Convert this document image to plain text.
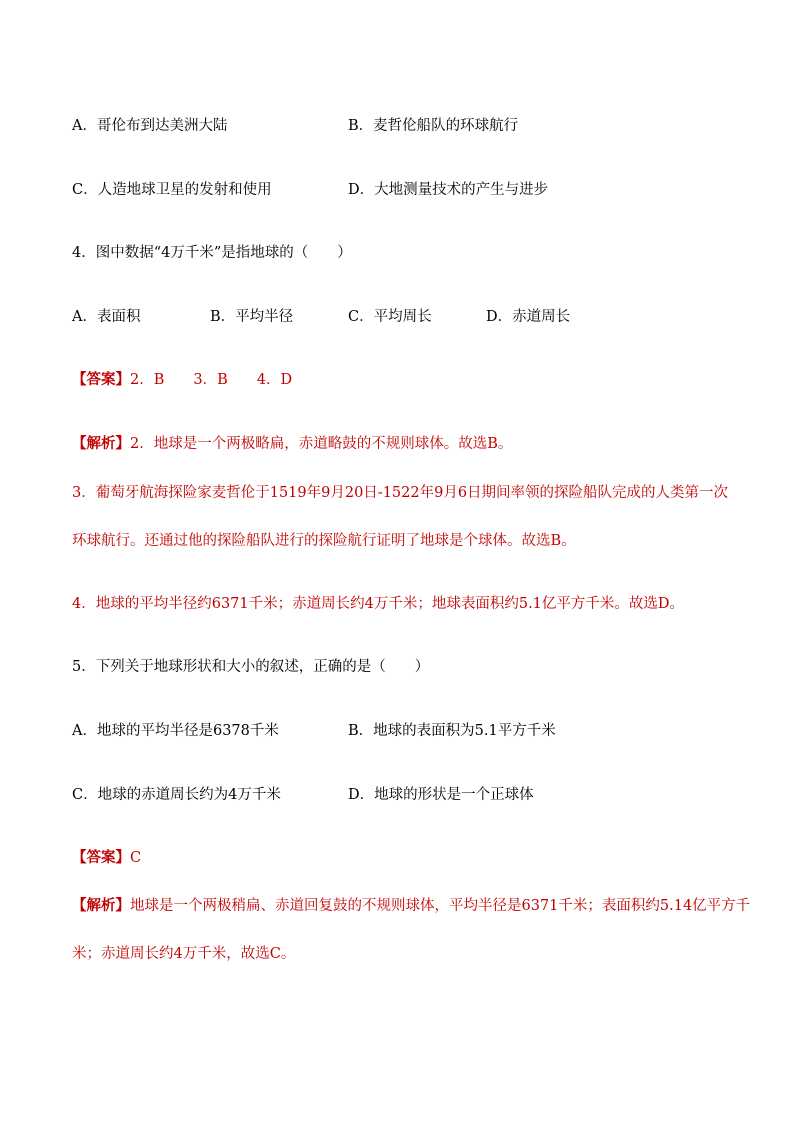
A．哥伦布到达美洲大陆	B．麦哲伦船队的环球航行
C．人造地球卫星的发射和使用	D．大地测量技术的产生与进步
4．图中数据“4万千米”是指地球的（　　）
A．表面积	B．平均半径	C．平均周长	D．赤道周长
【答案】2．B　　3．B　　4．D
【解析】2．地球是一个两极略扁，赤道略鼓的不规则球体。故选B。
3．葡萄牙航海探险家麦哲伦于1519年9月20日-1522年9月6日期间率领的探险船队完成的人类第一次
环球航行。还通过他的探险船队进行的探险航行证明了地球是个球体。故选B。
4．地球的平均半径约6371千米；赤道周长约4万千米；地球表面积约5.1亿平方千米。故选D。
5．下列关于地球形状和大小的叙述，正确的是（　　）
A．地球的平均半径是6378千米	B．地球的表面积为5.1平方千米
C．地球的赤道周长约为4万千米	D．地球的形状是一个正球体
【答案】C
【解析】地球是一个两极稍扁、赤道回复鼓的不规则球体，平均半径是6371千米；表面积约5.14亿平方千
米；赤道周长约4万千米，故选C。
